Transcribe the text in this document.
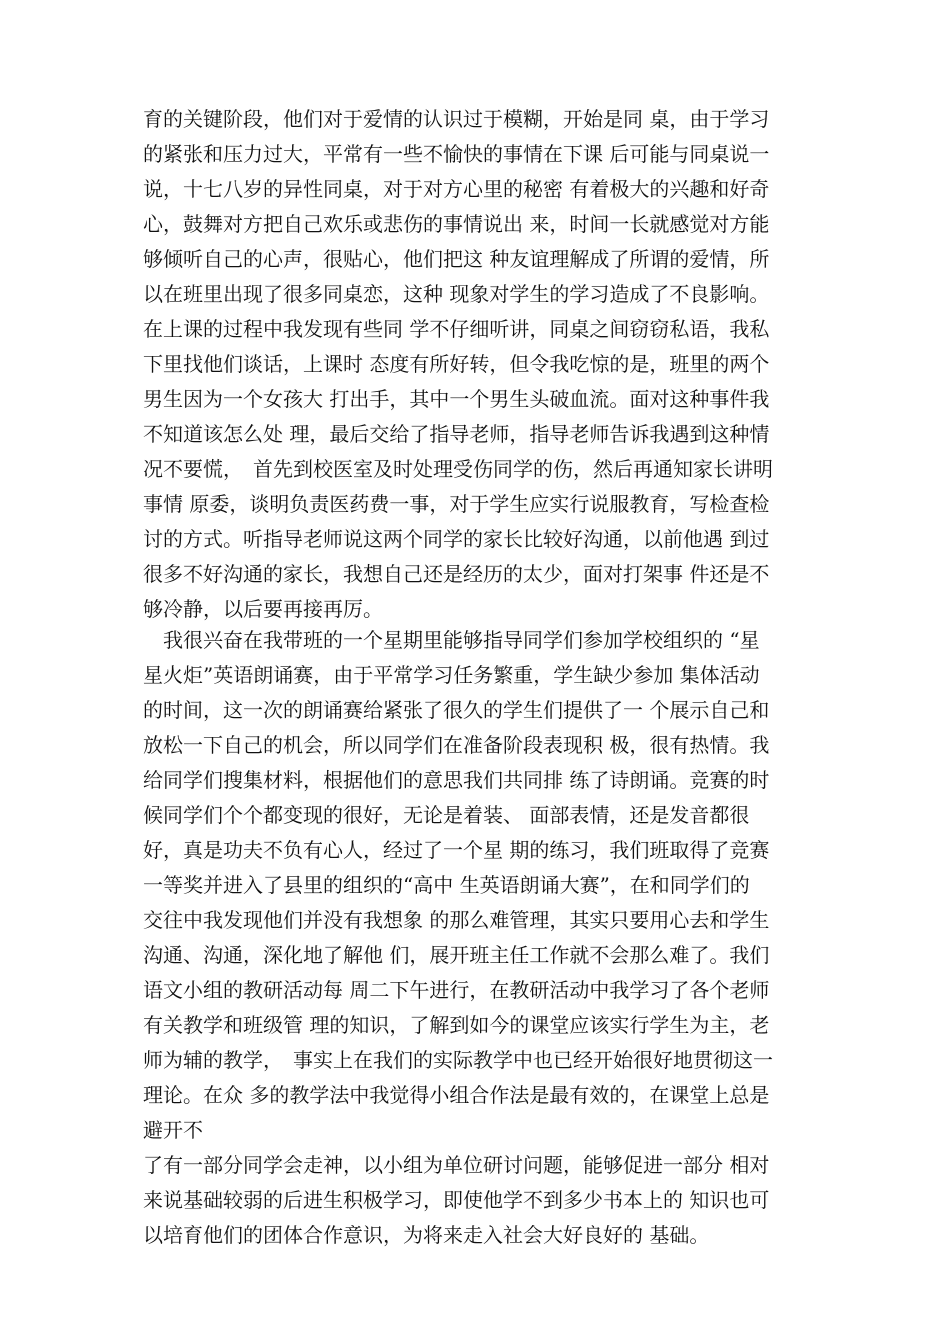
育的关键阶段，他们对于爱情的认识过于模糊，开始是同 桌，由于学习
的紧张和压力过大，平常有一些不愉快的事情在下课 后可能与同桌说一
说，十七八岁的异性同桌，对于对方心里的秘密 有着极大的兴趣和好奇
心，鼓舞对方把自己欢乐或悲伤的事情说出 来，时间一长就感觉对方能
够倾听自己的心声，很贴心，他们把这 种友谊理解成了所谓的爱情，所
以在班里出现了很多同桌恋，这种 现象对学生的学习造成了不良影响。
在上课的过程中我发现有些同 学不仔细听讲，同桌之间窃窃私语，我私
下里找他们谈话，上课时 态度有所好转，但令我吃惊的是，班里的两个
男生因为一个女孩大 打出手，其中一个男生头破血流。面对这种事件我
不知道该怎么处 理，最后交给了指导老师，指导老师告诉我遇到这种情
况不要慌，　首先到校医室及时处理受伤同学的伤，然后再通知家长讲明
事情 原委，谈明负责医药费一事，对于学生应实行说服教育，写检查检
讨的方式。听指导老师说这两个同学的家长比较好沟通，以前他遇 到过
很多不好沟通的家长，我想自己还是经历的太少，面对打架事 件还是不
够冷静，以后要再接再厉。
　我很兴奋在我带班的一个星期里能够指导同学们参加学校组织的 “星
星火炬”英语朗诵赛，由于平常学习任务繁重，学生缺少参加 集体活动
的时间，这一次的朗诵赛给紧张了很久的学生们提供了一 个展示自己和
放松一下自己的机会，所以同学们在准备阶段表现积 极，很有热情。我
给同学们搜集材料，根据他们的意思我们共同排 练了诗朗诵。竞赛的时
候同学们个个都变现的很好，无论是着装、 面部表情，还是发音都很
好，真是功夫不负有心人，经过了一个星 期的练习，我们班取得了竞赛
一等奖并进入了县里的组织的“高中 生英语朗诵大赛”，在和同学们的
交往中我发现他们并没有我想象 的那么难管理，其实只要用心去和学生
沟通、沟通，深化地了解他 们，展开班主任工作就不会那么难了。我们
语文小组的教研活动每 周二下午进行，在教研活动中我学习了各个老师
有关教学和班级管 理的知识，了解到如今的课堂应该实行学生为主，老
师为辅的教学，　事实上在我们的实际教学中也已经开始很好地贯彻这一
理论。在众 多的教学法中我觉得小组合作法是最有效的，在课堂上总是
避开不
了有一部分同学会走神，以小组为单位研讨问题，能够促进一部分 相对
来说基础较弱的后进生积极学习，即使他学不到多少书本上的 知识也可
以培育他们的团体合作意识，为将来走入社会大好良好的 基础。
